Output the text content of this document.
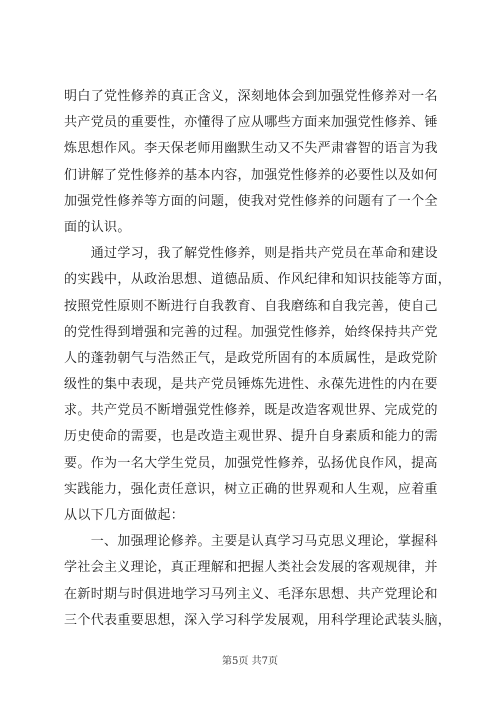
明白了党性修养的真正含义，深刻地体会到加强党性修养对一名
共产党员的重要性，亦懂得了应从哪些方面来加强党性修养、锤
炼思想作风。李天保老师用幽默生动又不失严肃睿智的语言为我
们讲解了党性修养的基本内容，加强党性修养的必要性以及如何
加强党性修养等方面的问题，使我对党性修养的问题有了一个全
面的认识。
　　通过学习，我了解党性修养，则是指共产党员在革命和建设
的实践中，从政治思想、道德品质、作风纪律和知识技能等方面，
按照党性原则不断进行自我教育、自我磨练和自我完善，使自己
的党性得到增强和完善的过程。加强党性修养，始终保持共产党
人的蓬勃朝气与浩然正气，是政党所固有的本质属性，是政党阶
级性的集中表现，是共产党员锤炼先进性、永葆先进性的内在要
求。共产党员不断增强党性修养，既是改造客观世界、完成党的
历史使命的需要，也是改造主观世界、提升自身素质和能力的需
要。作为一名大学生党员，加强党性修养，弘扬优良作风，提高
实践能力，强化责任意识，树立正确的世界观和人生观，应着重
从以下几方面做起：
　　一、加强理论修养。主要是认真学习马克思义理论，掌握科
学社会主义理论，真正理解和把握人类社会发展的客观规律，并
在新时期与时俱进地学习马列主义、毛泽东思想、共产党理论和
三个代表重要思想，深入学习科学发展观，用科学理论武装头脑，
第5页 共7页
